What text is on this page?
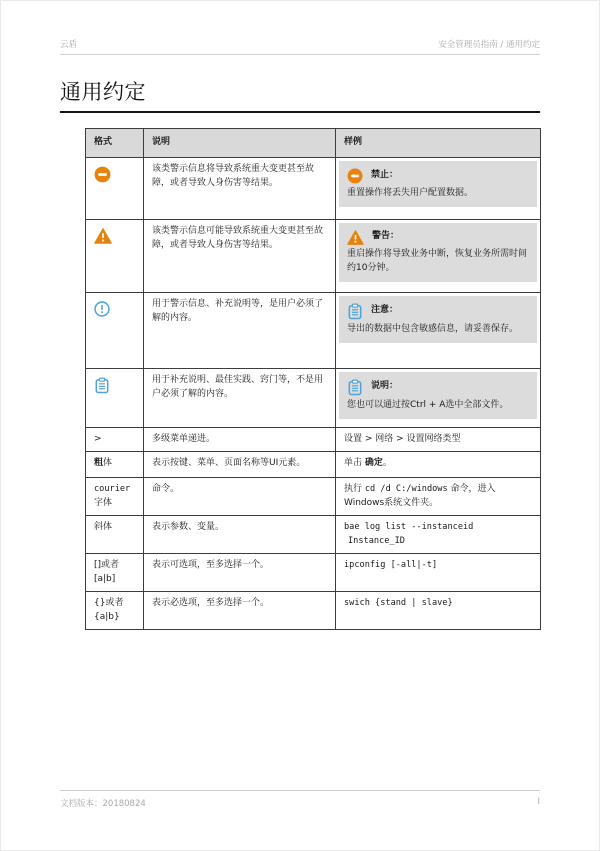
云盾	安全管理员指南 / 通用约定
通用约定
格式	说明	样例

	该类警示信息将导致系统重大变更甚至故障，或者导致人身伤害等结果。	禁止：
重置操作将丢失用户配置数据。

	该类警示信息可能导致系统重大变更甚至故障，或者导致人身伤害等结果。	警告：
重启操作将导致业务中断，恢复业务所需时间约10分钟。

	用于警示信息、补充说明等，是用户必须了解的内容。	注意：
导出的数据中包含敏感信息，请妥善保存。

	用于补充说明、最佳实践、窍门等，不是用户必须了解的内容。	说明：
您也可以通过按Ctrl + A选中全部文件。

>	多级菜单递进。	设置 > 网络 > 设置网络类型
粗体	表示按键、菜单、页面名称等UI元素。	单击 确定。
courier字体	命令。	执行 cd /d C:/windows 命令，进入Windows系统文件夹。
斜体	表示参数、变量。	bae log list --instanceid
Instance_ID

[]或者[a|b]	表示可选项，至多选择一个。	ipconfig [-all|-t]
{}或者{a|b}	表示必选项，至多选择一个。	swich {stand | slave}
文档版本：20180824	I
